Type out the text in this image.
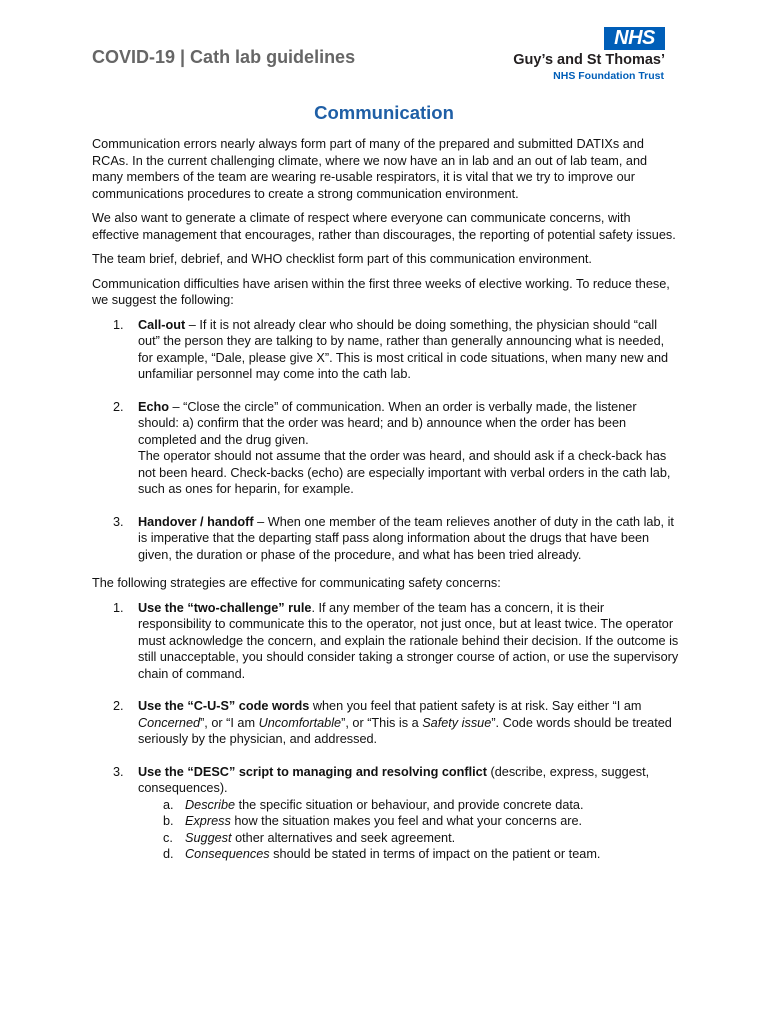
COVID-19 | Cath lab guidelines
NHS
Guy’s and St Thomas’
NHS Foundation Trust
Communication

Communication errors nearly always form part of many of the prepared and submitted DATIXs and RCAs. In the current challenging climate, where we now have an in lab and an out of lab team, and many members of the team are wearing re-usable respirators, it is vital that we try to improve our communications procedures to create a strong communication environment.

We also want to generate a climate of respect where everyone can communicate concerns, with effective management that encourages, rather than discourages, the reporting of potential safety issues.

The team brief, debrief, and WHO checklist form part of this communication environment.

Communication difficulties have arisen within the first three weeks of elective working. To reduce these, we suggest the following:

1. Call-out – If it is not already clear who should be doing something, the physician should “call out” the person they are talking to by name, rather than generally announcing what is needed, for example, “Dale, please give X”. This is most critical in code situations, when many new and unfamiliar personnel may come into the cath lab.
2. Echo – “Close the circle” of communication. When an order is verbally made, the listener should: a) confirm that the order was heard; and b) announce when the order has been completed and the drug given.
The operator should not assume that the order was heard, and should ask if a check-back has not been heard. Check-backs (echo) are especially important with verbal orders in the cath lab, such as ones for heparin, for example.
3. Handover / handoff – When one member of the team relieves another of duty in the cath lab, it is imperative that the departing staff pass along information about the drugs that have been given, the duration or phase of the procedure, and what has been tried already.

The following strategies are effective for communicating safety concerns:

1. Use the “two-challenge” rule. If any member of the team has a concern, it is their responsibility to communicate this to the operator, not just once, but at least twice. The operator must acknowledge the concern, and explain the rationale behind their decision. If the outcome is still unacceptable, you should consider taking a stronger course of action, or use the supervisory chain of command.
2. Use the “C-U-S” code words when you feel that patient safety is at risk. Say either “I am Concerned”, or “I am Uncomfortable”, or “This is a Safety issue”. Code words should be treated seriously by the physician, and addressed.
3. Use the “DESC” script to managing and resolving conflict (describe, express, suggest, consequences).
a. Describe the specific situation or behaviour, and provide concrete data.
b. Express how the situation makes you feel and what your concerns are.
c. Suggest other alternatives and seek agreement.
d. Consequences should be stated in terms of impact on the patient or team.
